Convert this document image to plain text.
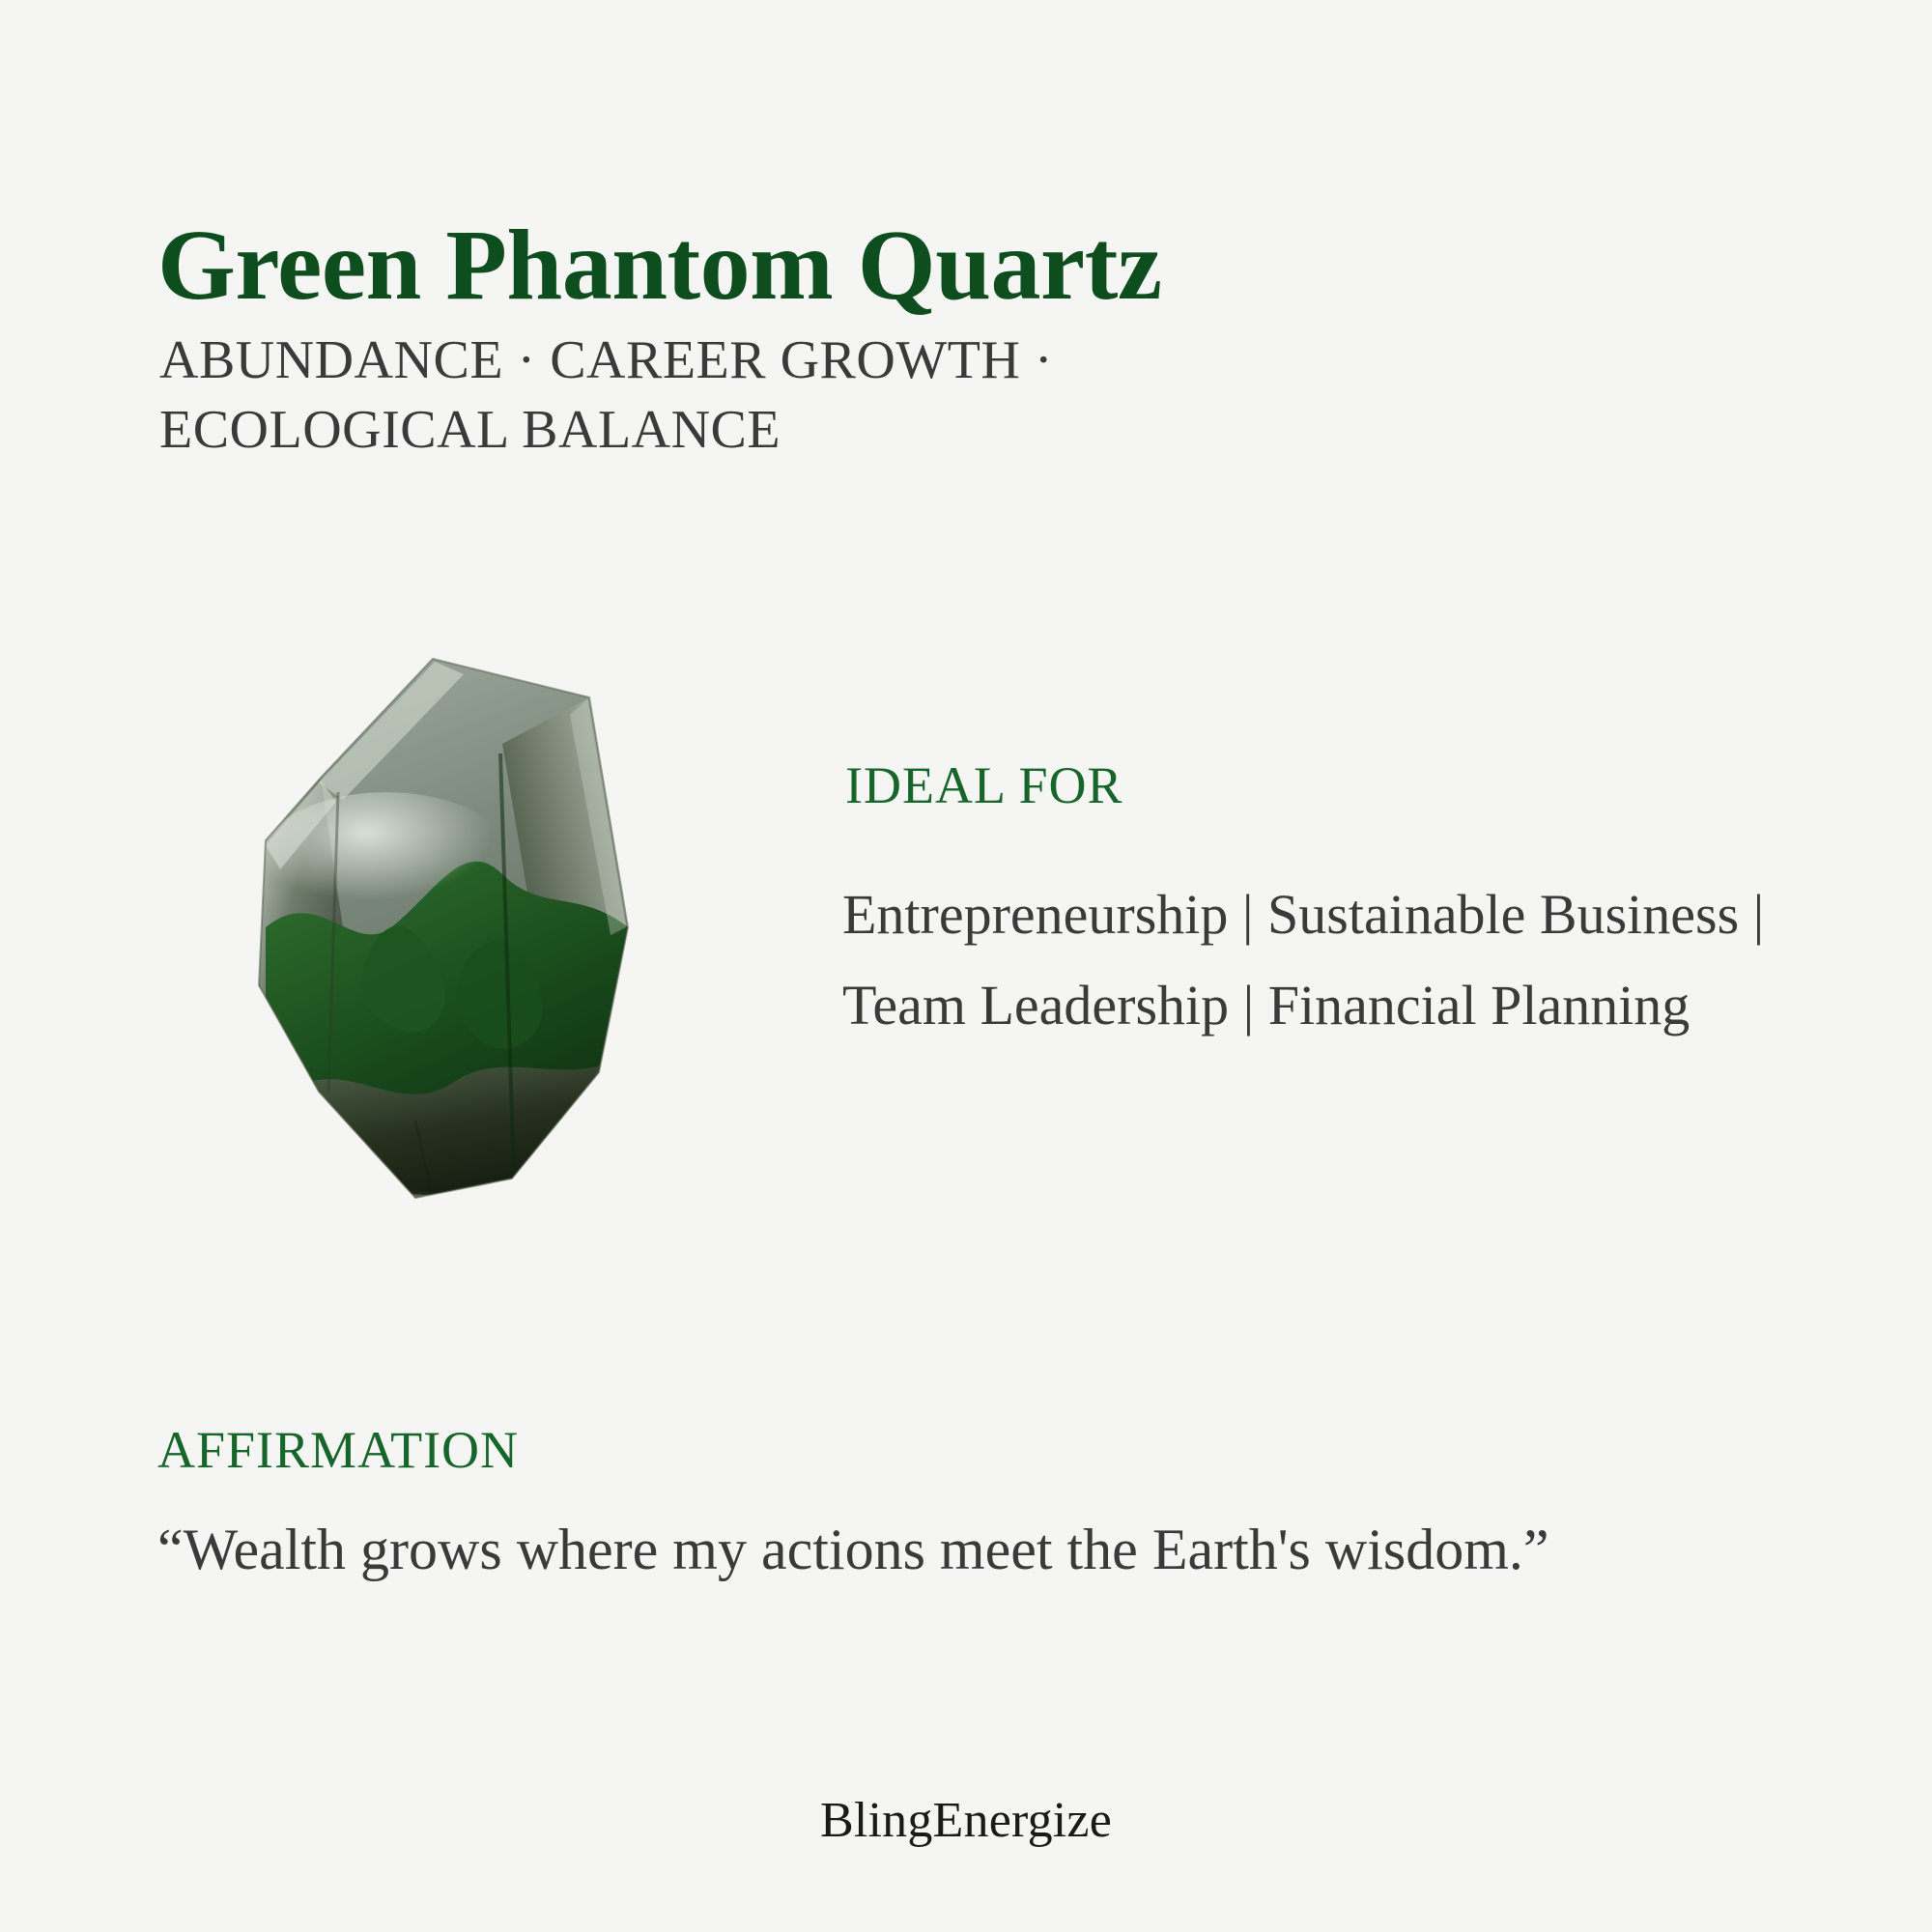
Green Phantom Quartz
ABUNDANCE · CAREER GROWTH · ECOLOGICAL BALANCE
IDEAL FOR
Entrepreneurship | Sustainable Business | Team Leadership | Financial Planning
AFFIRMATION
“Wealth grows where my actions meet the Earth's wisdom.”
BlingEnergize
